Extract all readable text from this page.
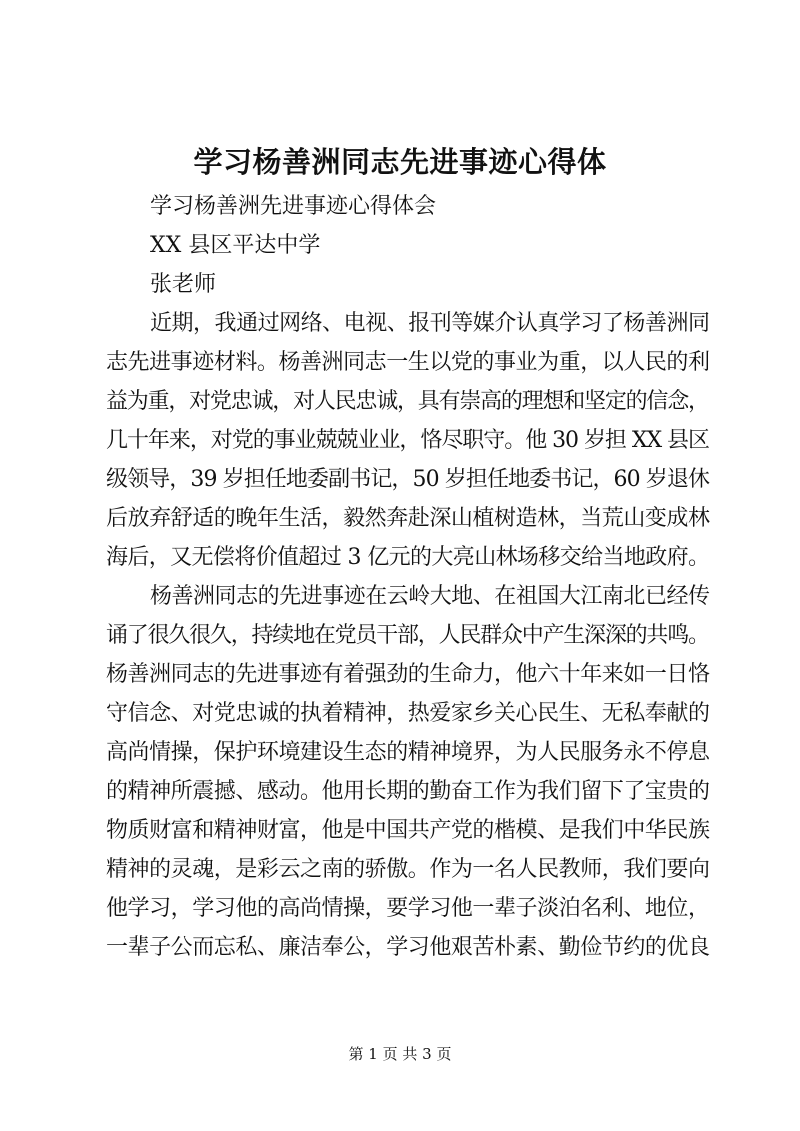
学习杨善洲同志先进事迹心得体
学习杨善洲先进事迹心得体会
XX 县区平达中学
张老师
近期，我通过网络、电视、报刊等媒介认真学习了杨善洲同
志先进事迹材料。杨善洲同志一生以党的事业为重，以人民的利
益为重，对党忠诚，对人民忠诚，具有崇高的理想和坚定的信念，
几十年来，对党的事业兢兢业业，恪尽职守。他 30 岁担 XX 县区
级领导，39 岁担任地委副书记，50 岁担任地委书记，60 岁退休
后放弃舒适的晚年生活，毅然奔赴深山植树造林，当荒山变成林
海后，又无偿将价值超过 3 亿元的大亮山林场移交给当地政府。
杨善洲同志的先进事迹在云岭大地、在祖国大江南北已经传
诵了很久很久，持续地在党员干部，人民群众中产生深深的共鸣。
杨善洲同志的先进事迹有着强劲的生命力，他六十年来如一日恪
守信念、对党忠诚的执着精神，热爱家乡关心民生、无私奉献的
高尚情操，保护环境建设生态的精神境界，为人民服务永不停息
的精神所震撼、感动。他用长期的勤奋工作为我们留下了宝贵的
物质财富和精神财富，他是中国共产党的楷模、是我们中华民族
精神的灵魂，是彩云之南的骄傲。作为一名人民教师，我们要向
他学习，学习他的高尚情操，要学习他一辈子淡泊名利、地位，
一辈子公而忘私、廉洁奉公，学习他艰苦朴素、勤俭节约的优良
第 1 页 共 3 页
